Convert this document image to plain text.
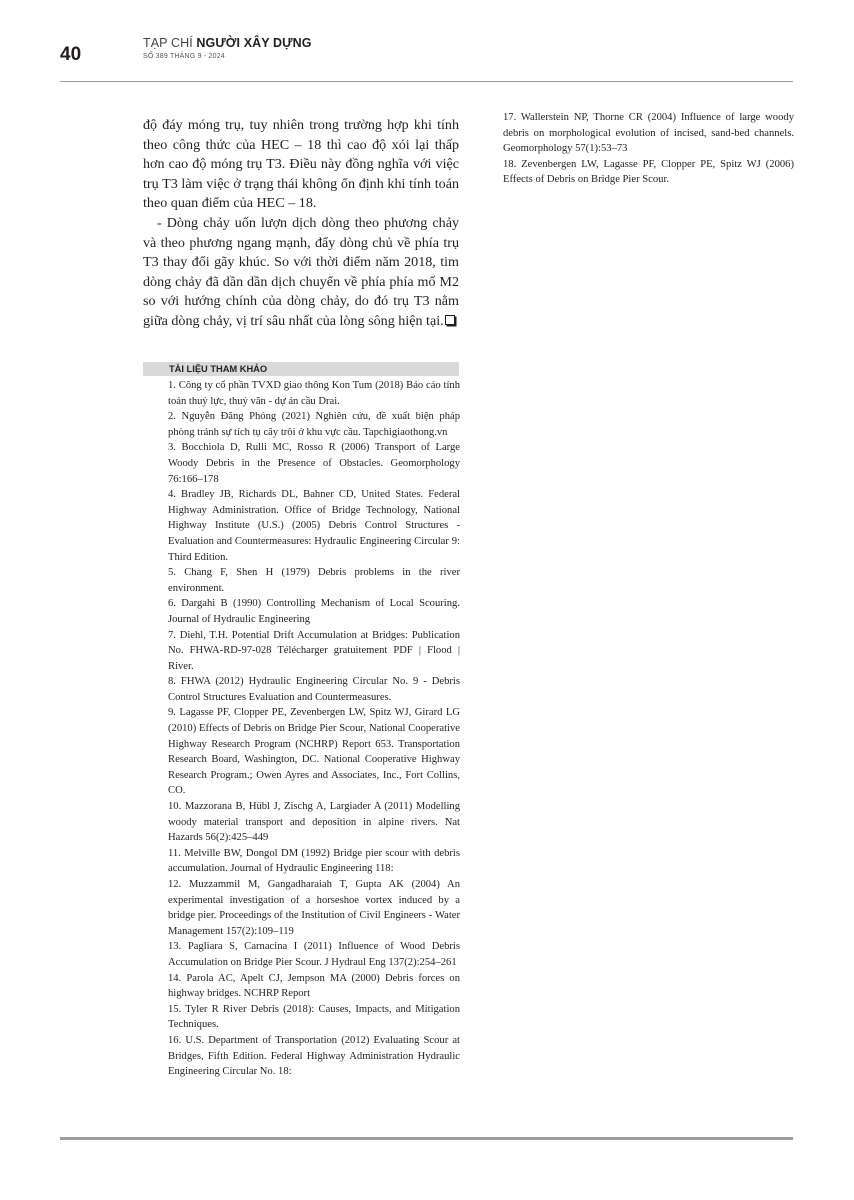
40
TẠP CHÍ NGƯỜI XÂY DỰNG
SỐ 389 THÁNG 9 - 2024

độ đáy móng trụ, tuy nhiên trong trường hợp khi tính theo công thức của HEC – 18 thì cao độ xói lại thấp hơn cao độ móng trụ T3. Điều này đồng nghĩa với việc trụ T3 làm việc ở trạng thái không ổn định khi tính toán theo quan điểm của HEC – 18.

- Dòng chảy uốn lượn dịch dòng theo phương chảy và theo phương ngang mạnh, đẩy dòng chủ về phía trụ T3 thay đổi gãy khúc. So với thời điểm năm 2018, tim dòng chảy đã dần dần dịch chuyển về phía phía mố M2 so với hướng chính của dòng chảy, do đó trụ T3 nằm giữa dòng chảy, vị trí sâu nhất của lòng sông hiện tại.

TÀI LIỆU THAM KHẢO
1. Công ty cổ phần TVXD giao thông Kon Tum (2018) Báo cáo tính toán thuỷ lực, thuỷ văn - dự án cầu Drai.
2. Nguyễn Đăng Phóng (2021) Nghiên cứu, đề xuất biện pháp phòng tránh sự tích tụ cây trôi ở khu vực cầu. Tapchigiaothong.vn
3. Bocchiola D, Rulli MC, Rosso R (2006) Transport of Large Woody Debris in the Presence of Obstacles. Geomorphology 76:166–178
4. Bradley JB, Richards DL, Bahner CD, United States. Federal Highway Administration. Office of Bridge Technology, National Highway Institute (U.S.) (2005) Debris Control Structures - Evaluation and Countermeasures: Hydraulic Engineering Circular 9: Third Edition.
5. Chang F, Shen H (1979) Debris problems in the river environment.
6. Dargahi B (1990) Controlling Mechanism of Local Scouring. Journal of Hydraulic Engineering
7. Diehl, T.H. Potential Drift Accumulation at Bridges: Publication No. FHWA-RD-97-028 Télécharger gratuitement PDF | Flood | River.
8. FHWA (2012) Hydraulic Engineering Circular No. 9 - Debris Control Structures Evaluation and Countermeasures.
9. Lagasse PF, Clopper PE, Zevenbergen LW, Spitz WJ, Girard LG (2010) Effects of Debris on Bridge Pier Scour, National Cooperative Highway Research Program (NCHRP) Report 653. Transportation Research Board, Washington, DC. National Cooperative Highway Research Program.; Owen Ayres and Associates, Inc., Fort Collins, CO.
10. Mazzorana B, Hübl J, Zischg A, Largiader A (2011) Modelling woody material transport and deposition in alpine rivers. Nat Hazards 56(2):425–449
11. Melville BW, Dongol DM (1992) Bridge pier scour with debris accumulation. Journal of Hydraulic Engineering 118:
12. Muzzammil M, Gangadharaiah T, Gupta AK (2004) An experimental investigation of a horseshoe vortex induced by a bridge pier. Proceedings of the Institution of Civil Engineers - Water Management 157(2):109–119
13. Pagliara S, Carnacina I (2011) Influence of Wood Debris Accumulation on Bridge Pier Scour. J Hydraul Eng 137(2):254–261
14. Parola AC, Apelt CJ, Jempson MA (2000) Debris forces on highway bridges. NCHRP Report
15. Tyler R River Debris (2018): Causes, Impacts, and Mitigation Techniques.
16. U.S. Department of Transportation (2012) Evaluating Scour at Bridges, Fifth Edition. Federal Highway Administration Hydraulic Engineering Circular No. 18:
17. Wallerstein NP, Thorne CR (2004) Influence of large woody debris on morphological evolution of incised, sand-bed channels. Geomorphology 57(1):53–73
18. Zevenbergen LW, Lagasse PF, Clopper PE, Spitz WJ (2006) Effects of Debris on Bridge Pier Scour.
